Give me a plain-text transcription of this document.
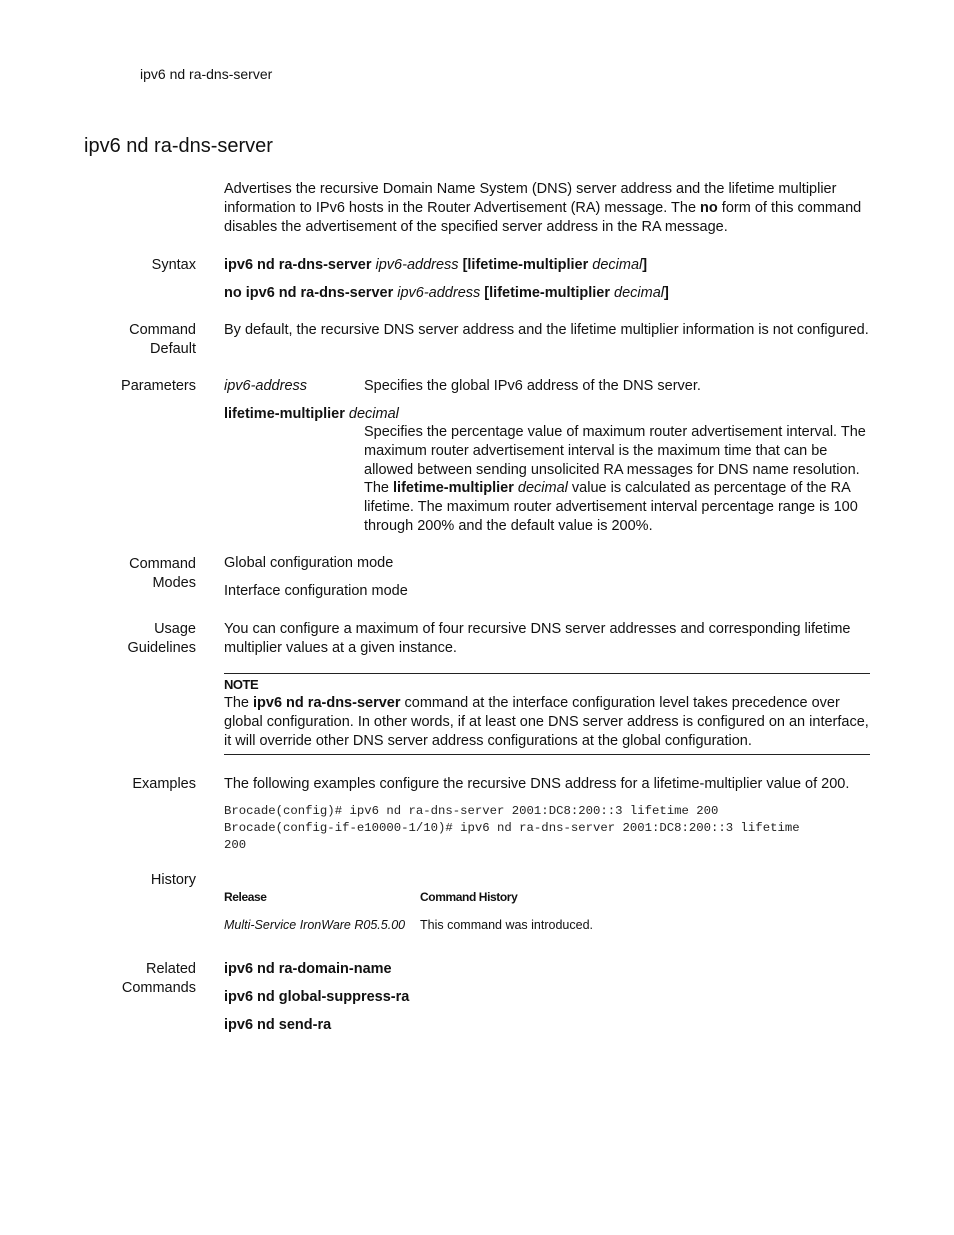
ipv6 nd ra-dns-server
ipv6 nd ra-dns-server
Advertises the recursive Domain Name System (DNS) server address and the lifetime multiplier information to IPv6 hosts in the Router Advertisement (RA) message. The no form of this command disables the advertisement of the specified server address in the RA message.
Syntax ipv6 nd ra-dns-server ipv6-address [lifetime-multiplier decimal]
no ipv6 nd ra-dns-server ipv6-address [lifetime-multiplier decimal]
Command
Default
By default, the recursive DNS server address and the lifetime multiplier information is not configured.
Parameters ipv6-address	Specifies the global IPv6 address of the DNS server.
lifetime-multiplier decimal
Specifies the percentage value of maximum router advertisement interval. The maximum router advertisement interval is the maximum time that can be allowed between sending unsolicited RA messages for DNS name resolution. The lifetime-multiplier decimal value is calculated as percentage of the RA lifetime. The maximum router advertisement interval percentage range is 100 through 200% and the default value is 200%.
Command
Modes
Global configuration mode
Interface configuration mode
Usage
Guidelines
You can configure a maximum of four recursive DNS server addresses and corresponding lifetime multiplier values at a given instance.
NOTE
The ipv6 nd ra-dns-server command at the interface configuration level takes precedence over global configuration. In other words, if at least one DNS server address is configured on an interface, it will override other DNS server address configurations at the global configuration.
Examples The following examples configure the recursive DNS address for a lifetime-multiplier value of 200.
Brocade(config)# ipv6 nd ra-dns-server 2001:DC8:200::3 lifetime 200
Brocade(config-if-e10000-1/10)# ipv6 nd ra-dns-server 2001:DC8:200::3 lifetime
200
History
Release	Command History
Multi-Service IronWare R05.5.00 This command was introduced.
Related
Commands
ipv6 nd ra-domain-name
ipv6 nd global-suppress-ra
ipv6 nd send-ra
